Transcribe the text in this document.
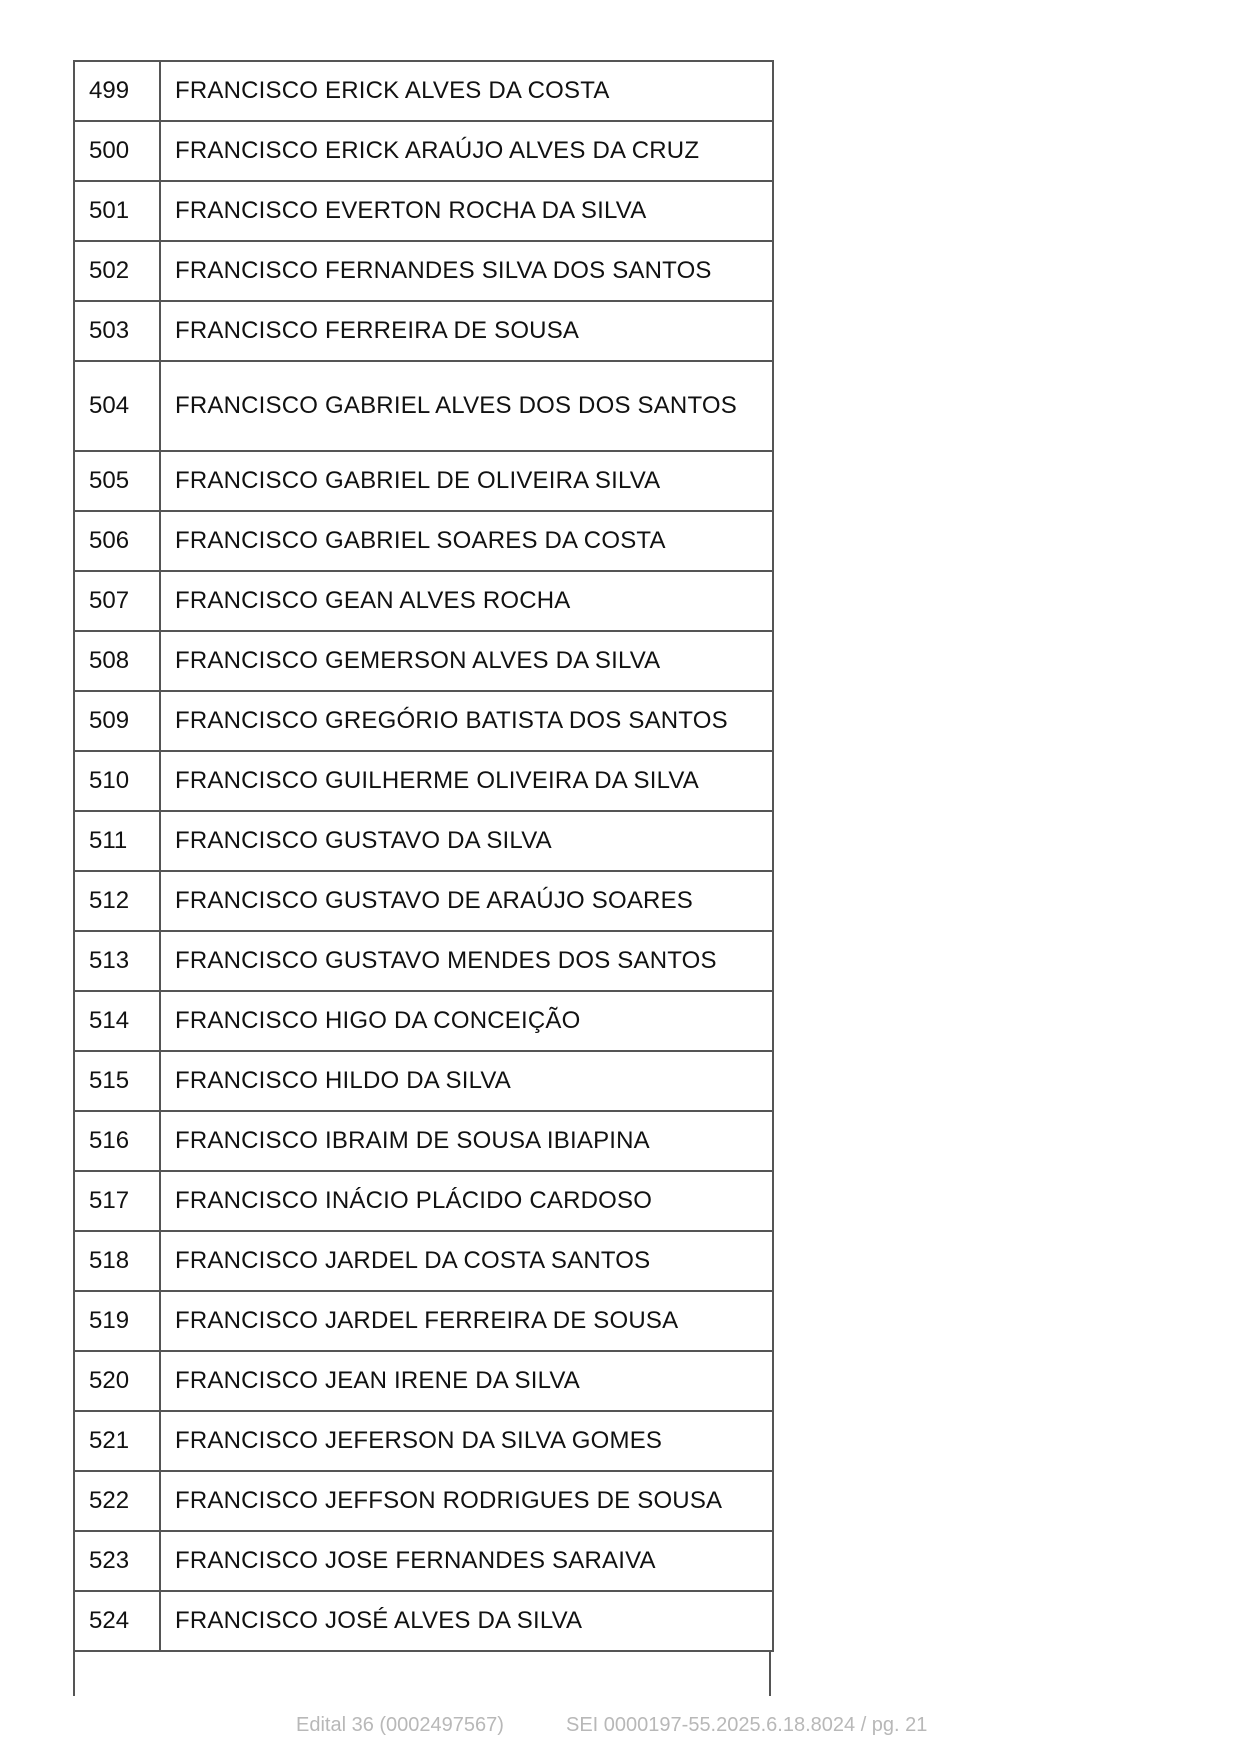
499	FRANCISCO ERICK ALVES DA COSTA
500	FRANCISCO ERICK ARAÚJO ALVES DA CRUZ
501	FRANCISCO EVERTON ROCHA DA SILVA
502	FRANCISCO FERNANDES SILVA DOS SANTOS
503	FRANCISCO FERREIRA DE SOUSA
504	FRANCISCO GABRIEL ALVES DOS DOS SANTOS
505	FRANCISCO GABRIEL DE OLIVEIRA SILVA
506	FRANCISCO GABRIEL SOARES DA COSTA
507	FRANCISCO GEAN ALVES ROCHA
508	FRANCISCO GEMERSON ALVES DA SILVA
509	FRANCISCO GREGÓRIO BATISTA DOS SANTOS
510	FRANCISCO GUILHERME OLIVEIRA DA SILVA
511	FRANCISCO GUSTAVO DA SILVA
512	FRANCISCO GUSTAVO DE ARAÚJO SOARES
513	FRANCISCO GUSTAVO MENDES DOS SANTOS
514	FRANCISCO HIGO DA CONCEIÇÃO
515	FRANCISCO HILDO DA SILVA
516	FRANCISCO IBRAIM DE SOUSA IBIAPINA
517	FRANCISCO INÁCIO PLÁCIDO CARDOSO
518	FRANCISCO JARDEL DA COSTA SANTOS
519	FRANCISCO JARDEL FERREIRA DE SOUSA
520	FRANCISCO JEAN IRENE DA SILVA
521	FRANCISCO JEFERSON DA SILVA GOMES
522	FRANCISCO JEFFSON RODRIGUES DE SOUSA
523	FRANCISCO JOSE FERNANDES SARAIVA
524	FRANCISCO JOSÉ ALVES DA SILVA
Edital 36 (0002497567)	SEI 0000197-55.2025.6.18.8024 / pg. 21
